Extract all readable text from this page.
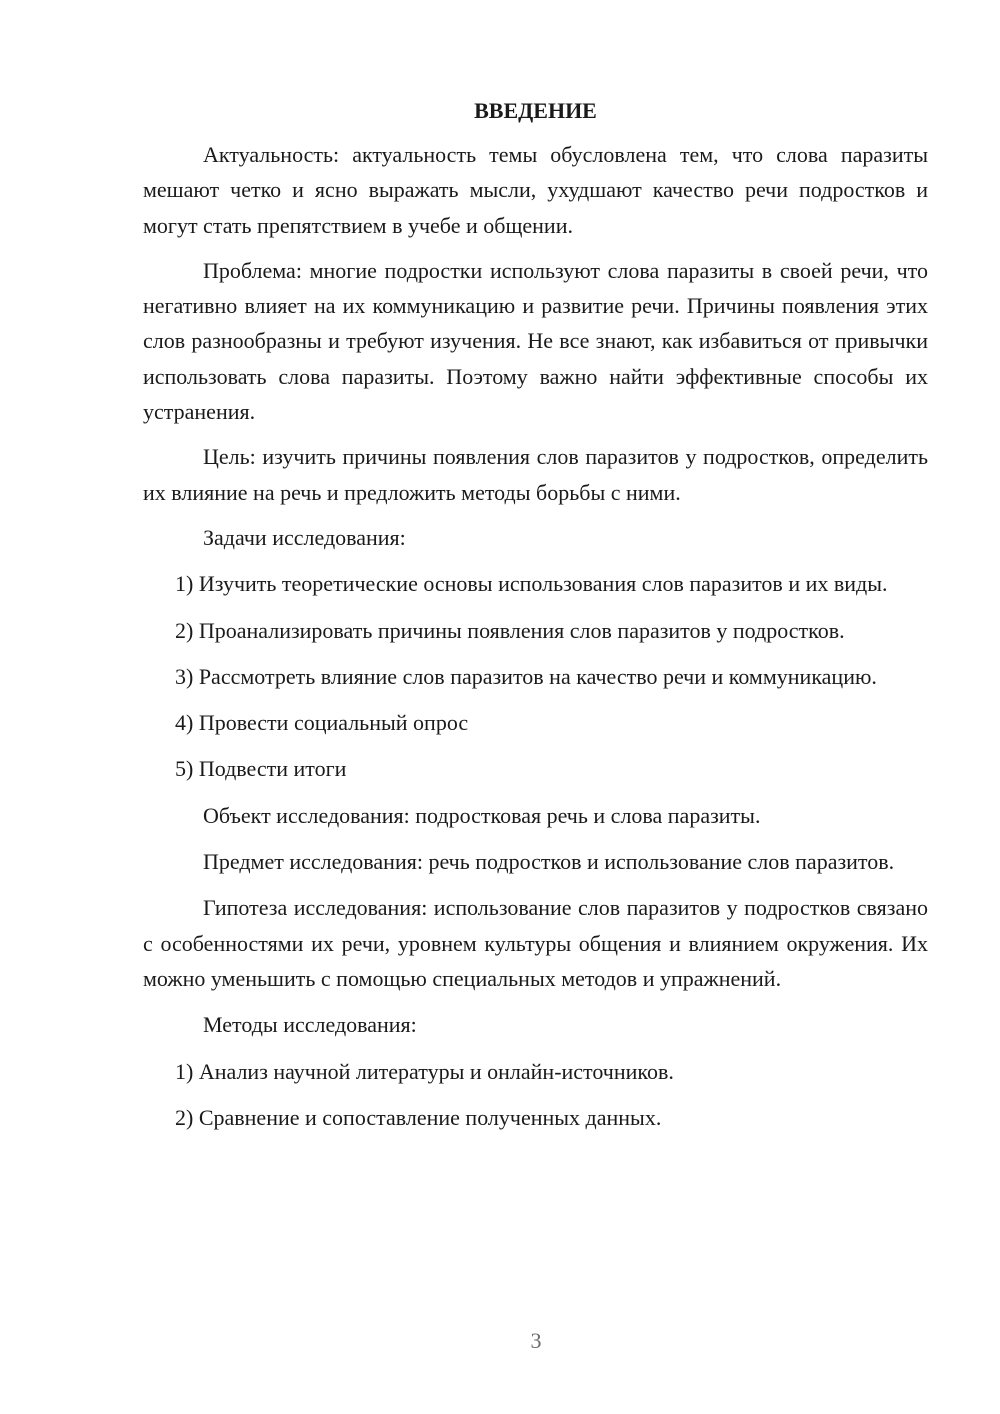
ВВЕДЕНИЕ

Актуальность: актуальность темы обусловлена тем, что слова паразиты мешают четко и ясно выражать мысли, ухудшают качество речи подростков и могут стать препятствием в учебе и общении.

Проблема: многие подростки используют слова паразиты в своей речи, что негативно влияет на их коммуникацию и развитие речи. Причины появления этих слов разнообразны и требуют изучения. Не все знают, как избавиться от привычки использовать слова паразиты. Поэтому важно найти эффективные способы их устранения.

Цель: изучить причины появления слов паразитов у подростков, определить их влияние на речь и предложить методы борьбы с ними.

Задачи исследования:

1) Изучить теоретические основы использования слов паразитов и их виды.

2) Проанализировать причины появления слов паразитов у подростков.

3) Рассмотреть влияние слов паразитов на качество речи и коммуникацию.

4) Провести социальный опрос

5) Подвести итоги

Объект исследования: подростковая речь и слова паразиты.

Предмет исследования: речь подростков и использование слов паразитов.

Гипотеза исследования: использование слов паразитов у подростков связано с особенностями их речи, уровнем культуры общения и влиянием окружения. Их можно уменьшить с помощью специальных методов и упражнений.

Методы исследования:

1) Анализ научной литературы и онлайн-источников.

2) Сравнение и сопоставление полученных данных.

3
